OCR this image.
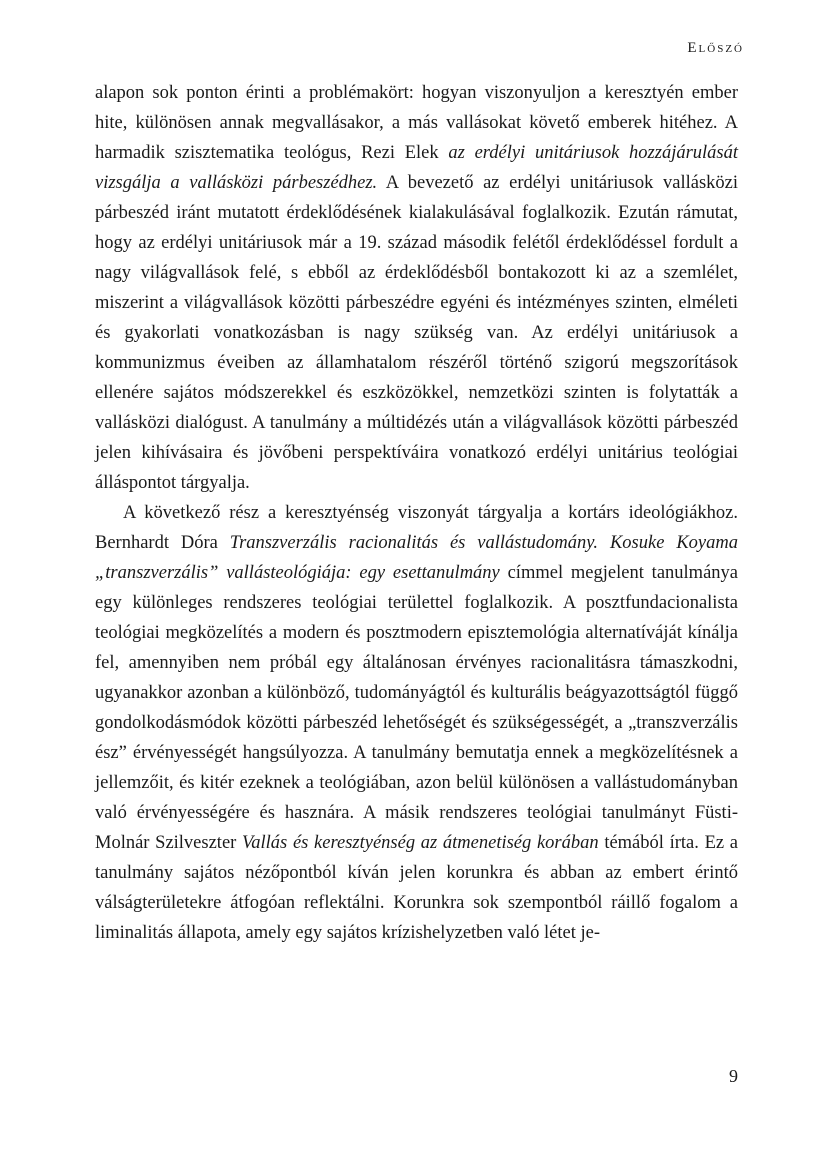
Előszó

alapon sok ponton érinti a problémakört: hogyan viszonyuljon a keresztyén ember hite, különösen annak megvallásakor, a más vallásokat követő emberek hitéhez. A harmadik szisztematika teológus, Rezi Elek az erdélyi unitáriusok hozzájárulását vizsgálja a vallásközi párbeszédhez. A bevezető az erdélyi unitáriusok vallásközi párbeszéd iránt mutatott érdeklődésének kialakulásával foglalkozik. Ezután rámutat, hogy az erdélyi unitáriusok már a 19. század második felétől érdeklődéssel fordult a nagy világvallások felé, s ebből az érdeklődésből bontakozott ki az a szemlélet, miszerint a világvallások közötti párbeszédre egyéni és intézményes szinten, elméleti és gyakorlati vonatkozásban is nagy szükség van. Az erdélyi unitáriusok a kommunizmus éveiben az államhatalom részéről történő szigorú megszorítások ellenére sajátos módszerekkel és eszközökkel, nemzetközi szinten is folytatták a vallásközi dialógust. A tanulmány a múltidézés után a világvallások közötti párbeszéd jelen kihívásaira és jövőbeni perspektíváira vonatkozó erdélyi unitárius teológiai álláspontot tárgyalja.

A következő rész a keresztyénség viszonyát tárgyalja a kortárs ideológiákhoz. Bernhardt Dóra Transzverzális racionalitás és vallástudomány. Kosuke Koyama „transzverzális” vallásteológiája: egy esettanulmány címmel megjelent tanulmánya egy különleges rendszeres teológiai területtel foglalkozik. A posztfundacionalista teológiai megközelítés a modern és posztmodern episztemológia alternatíváját kínálja fel, amennyiben nem próbál egy általánosan érvényes racionalitásra támaszkodni, ugyanakkor azonban a különböző, tudományágtól és kulturális beágyazottságtól függő gondolkodásmódok közötti párbeszéd lehetőségét és szükségességét, a „transzverzális ész” érvényességét hangsúlyozza. A tanulmány bemutatja ennek a megközelítésnek a jellemzőit, és kitér ezeknek a teológiában, azon belül különösen a vallástudományban való érvényességére és hasznára. A másik rendszeres teológiai tanulmányt Füsti-Molnár Szilveszter Vallás és keresztyénség az átmenetiség korában témából írta. Ez a tanulmány sajátos nézőpontból kíván jelen korunkra és abban az embert érintő válságterületekre átfogóan reflektálni. Korunkra sok szempontból ráillő fogalom a liminalitás állapota, amely egy sajátos krízishelyzetben való létet je-

9
